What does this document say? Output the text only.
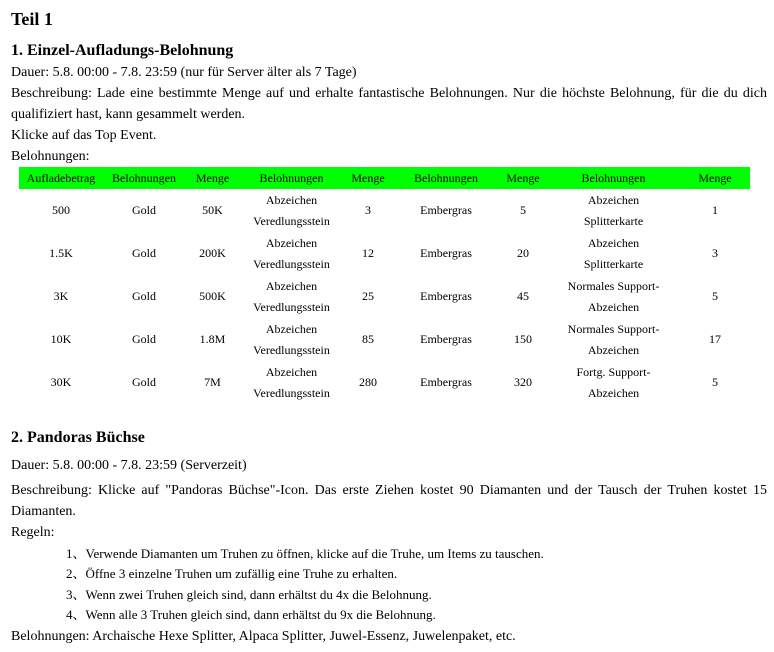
Teil 1
1. Einzel-Aufladungs-Belohnung

Dauer: 5.8. 00:00 - 7.8. 23:59 (nur für Server älter als 7 Tage)

Beschreibung: Lade eine bestimmte Menge auf und erhalte fantastische Belohnungen. Nur die höchste Belohnung, für die du dich qualifiziert hast, kann gesammelt werden.

Klicke auf das Top Event.

Belohnungen:

Aufladebetrag	Belohnungen	Menge	Belohnungen	Menge	Belohnungen	Menge	Belohnungen	Menge
500	Gold	50K	Abzeichen Veredlungsstein	3	Embergras	5	Abzeichen Splitterkarte	1
1.5K	Gold	200K	Abzeichen Veredlungsstein	12	Embergras	20	Abzeichen Splitterkarte	3
3K	Gold	500K	Abzeichen Veredlungsstein	25	Embergras	45	Normales Support-Abzeichen	5
10K	Gold	1.8M	Abzeichen Veredlungsstein	85	Embergras	150	Normales Support-Abzeichen	17
30K	Gold	7M	Abzeichen Veredlungsstein	280	Embergras	320	Fortg. Support-Abzeichen	5
2. Pandoras Büchse

Dauer: 5.8. 00:00 - 7.8. 23:59 (Serverzeit)

Beschreibung: Klicke auf "Pandoras Büchse"-Icon. Das erste Ziehen kostet 90 Diamanten und der Tausch der Truhen kostet 15 Diamanten.

Regeln:

1、Verwende Diamanten um Truhen zu öffnen, klicke auf die Truhe, um Items zu tauschen.
2、Öffne 3 einzelne Truhen um zufällig eine Truhe zu erhalten.
3、Wenn zwei Truhen gleich sind, dann erhältst du 4x die Belohnung.
4、Wenn alle 3 Truhen gleich sind, dann erhältst du 9x die Belohnung.

Belohnungen: Archaische Hexe Splitter, Alpaca Splitter, Juwel-Essenz, Juwelenpaket, etc.
